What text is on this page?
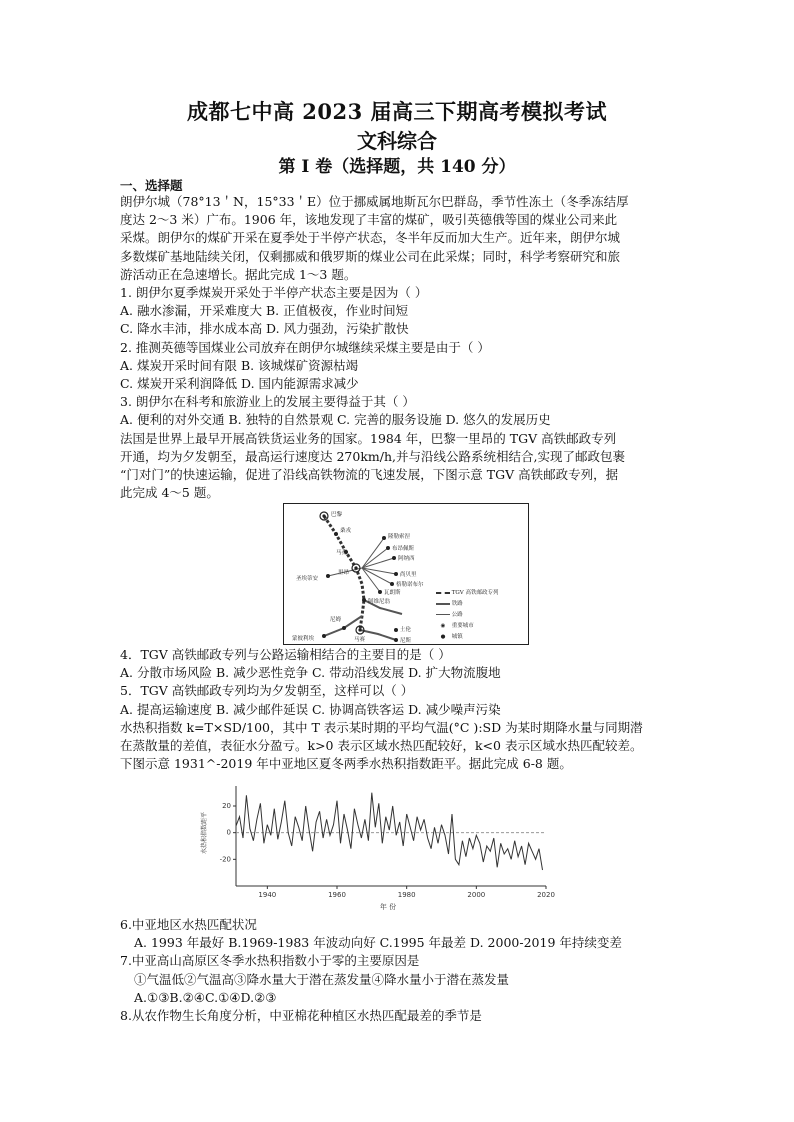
成都七中高 2023 届高三下期高考模拟考试
文科综合
第 I 卷（选择题，共 140 分）
一、选择题

朗伊尔城（78°13＇N，15°33＇E）位于挪威属地斯瓦尔巴群岛，季节性冻土（冬季冻结厚

度达 2～3 米）广布。1906 年，该地发现了丰富的煤矿，吸引英德俄等国的煤业公司来此

采煤。朗伊尔的煤矿开采在夏季处于半停产状态，冬半年反而加大生产。近年来，朗伊尔城

多数煤矿基地陆续关闭，仅剩挪威和俄罗斯的煤业公司在此采煤；同时，科学考察研究和旅

游活动正在急速增长。据此完成 1～3 题。

1. 朗伊尔夏季煤炭开采处于半停产状态主要是因为（ ）

A. 融水渗漏，开采难度大 B. 正值极夜，作业时间短

C. 降水丰沛，排水成本高 D. 风力强劲，污染扩散快

2. 推测英德等国煤业公司放弃在朗伊尔城继续采煤主要是由于（ ）

A. 煤炭开采时间有限 B. 该城煤矿资源枯竭

C. 煤炭开采利润降低 D. 国内能源需求减少

3. 朗伊尔在科考和旅游业上的发展主要得益于其（ ）

A. 便利的对外交通 B. 独特的自然景观 C. 完善的服务设施 D. 悠久的发展历史

法国是世界上最早开展高铁货运业务的国家。1984 年，巴黎一里昂的 TGV 高铁邮政专列

开通，均为夕发朝至，最高运行速度达 270km/h,并与沿线公路系统相结合,实现了邮政包裹

“门对门”的快速运输，促进了沿线高铁物流的飞速发展，下图示意 TGV 高铁邮政专列，据

此完成 4～5 题。

巴黎
桑戎
隆勒索涅
布昂佩斯
马孔
阿纳西
里昂	尚贝里
格勒诺布尔
圣埃蒂安
瓦朗斯
尼姆
阿维尼翁
蒙彼利埃	马赛
土伦
尼斯
TGV 高铁邮政专列
铁路
公路
◉ 重要城市
● 城镇

4．TGV 高铁邮政专列与公路运输相结合的主要目的是（ ）

A. 分散市场风险 B. 减少恶性竞争 C. 带动沿线发展 D. 扩大物流腹地

5．TGV 高铁邮政专列均为夕发朝至，这样可以（ ）

A. 提高运输速度 B. 减少邮件延误 C. 协调高铁客运 D. 减少噪声污染

水热积指数 k=T×SD/100，其中 T 表示某时期的平均气温(°C ):SD 为某时期降水量与同期潜

在蒸散量的差值，表征水分盈亏。k>0 表示区域水热匹配较好，k<0 表示区域水热匹配较差。

下图示意 1931^-2019 年中亚地区夏冬两季水热积指数距平。据此完成 6-8 题。

水热积指数距平
20
0
-20
1940	1960	1980	2000	2020
年 份

6.中亚地区水热匹配状况

A. 1993 年最好 B.1969-1983 年波动向好 C.1995 年最差 D. 2000-2019 年持续变差

7.中亚高山高原区冬季水热积指数小于零的主要原因是

①气温低②气温高③降水量大于潜在蒸发量④降水量小于潜在蒸发量

A.①③B.②④C.①④D.②③

8.从农作物生长角度分析，中亚棉花种植区水热匹配最差的季节是
